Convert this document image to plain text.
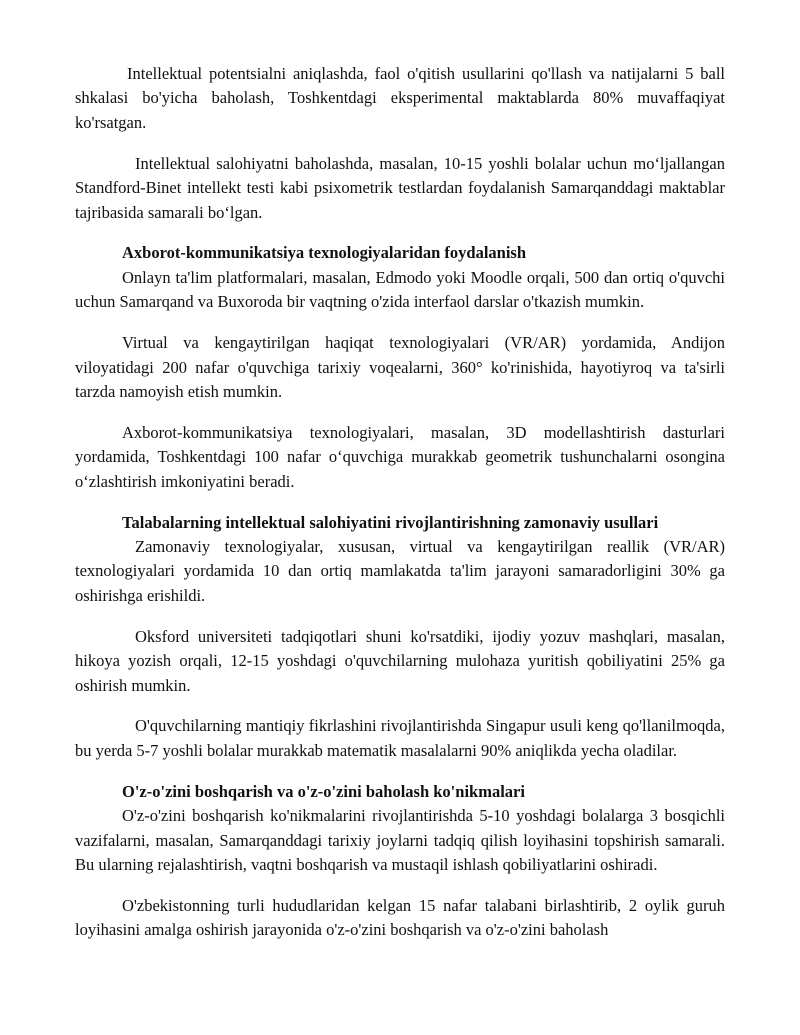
Intellektual potentsialni aniqlashda, faol o'qitish usullarini qo'llash va natijalarni 5 ball shkalasi bo'yicha baholash, Toshkentdagi eksperimental maktablarda 80% muvaffaqiyat ko'rsatgan.

Intellektual salohiyatni baholashda, masalan, 10-15 yoshli bolalar uchun mo‘ljallangan Standford-Binet intellekt testi kabi psixometrik testlardan foydalanish Samarqanddagi maktablar tajribasida samarali bo‘lgan.

Axborot-kommunikatsiya texnologiyalaridan foydalanish

Onlayn ta'lim platformalari, masalan, Edmodo yoki Moodle orqali, 500 dan ortiq o'quvchi uchun Samarqand va Buxoroda bir vaqtning o'zida interfaol darslar o'tkazish mumkin.

Virtual va kengaytirilgan haqiqat texnologiyalari (VR/AR) yordamida, Andijon viloyatidagi 200 nafar o'quvchiga tarixiy voqealarni, 360° ko'rinishida, hayotiyroq va ta'sirli tarzda namoyish etish mumkin.

Axborot-kommunikatsiya texnologiyalari, masalan, 3D modellashtirish dasturlari yordamida, Toshkentdagi 100 nafar o‘quvchiga murakkab geometrik tushunchalarni osongina o‘zlashtirish imkoniyatini beradi.

Talabalarning intellektual salohiyatini rivojlantirishning zamonaviy usullari

Zamonaviy texnologiyalar, xususan, virtual va kengaytirilgan reallik (VR/AR) texnologiyalari yordamida 10 dan ortiq mamlakatda ta'lim jarayoni samaradorligini 30% ga oshirishga erishildi.

Oksford universiteti tadqiqotlari shuni ko'rsatdiki, ijodiy yozuv mashqlari, masalan, hikoya yozish orqali, 12-15 yoshdagi o'quvchilarning mulohaza yuritish qobiliyatini 25% ga oshirish mumkin.

O'quvchilarning mantiqiy fikrlashini rivojlantirishda Singapur usuli keng qo'llanilmoqda, bu yerda 5-7 yoshli bolalar murakkab matematik masalalarni 90% aniqlikda yecha oladilar.

O'z-o'zini boshqarish va o'z-o'zini baholash ko'nikmalari

O'z-o'zini boshqarish ko'nikmalarini rivojlantirishda 5-10 yoshdagi bolalarga 3 bosqichli vazifalarni, masalan, Samarqanddagi tarixiy joylarni tadqiq qilish loyihasini topshirish samarali. Bu ularning rejalashtirish, vaqtni boshqarish va mustaqil ishlash qobiliyatlarini oshiradi.

O'zbekistonning turli hududlaridan kelgan 15 nafar talabani birlashtirib, 2 oylik guruh loyihasini amalga oshirish jarayonida o'z-o'zini boshqarish va o'z-o'zini baholash
